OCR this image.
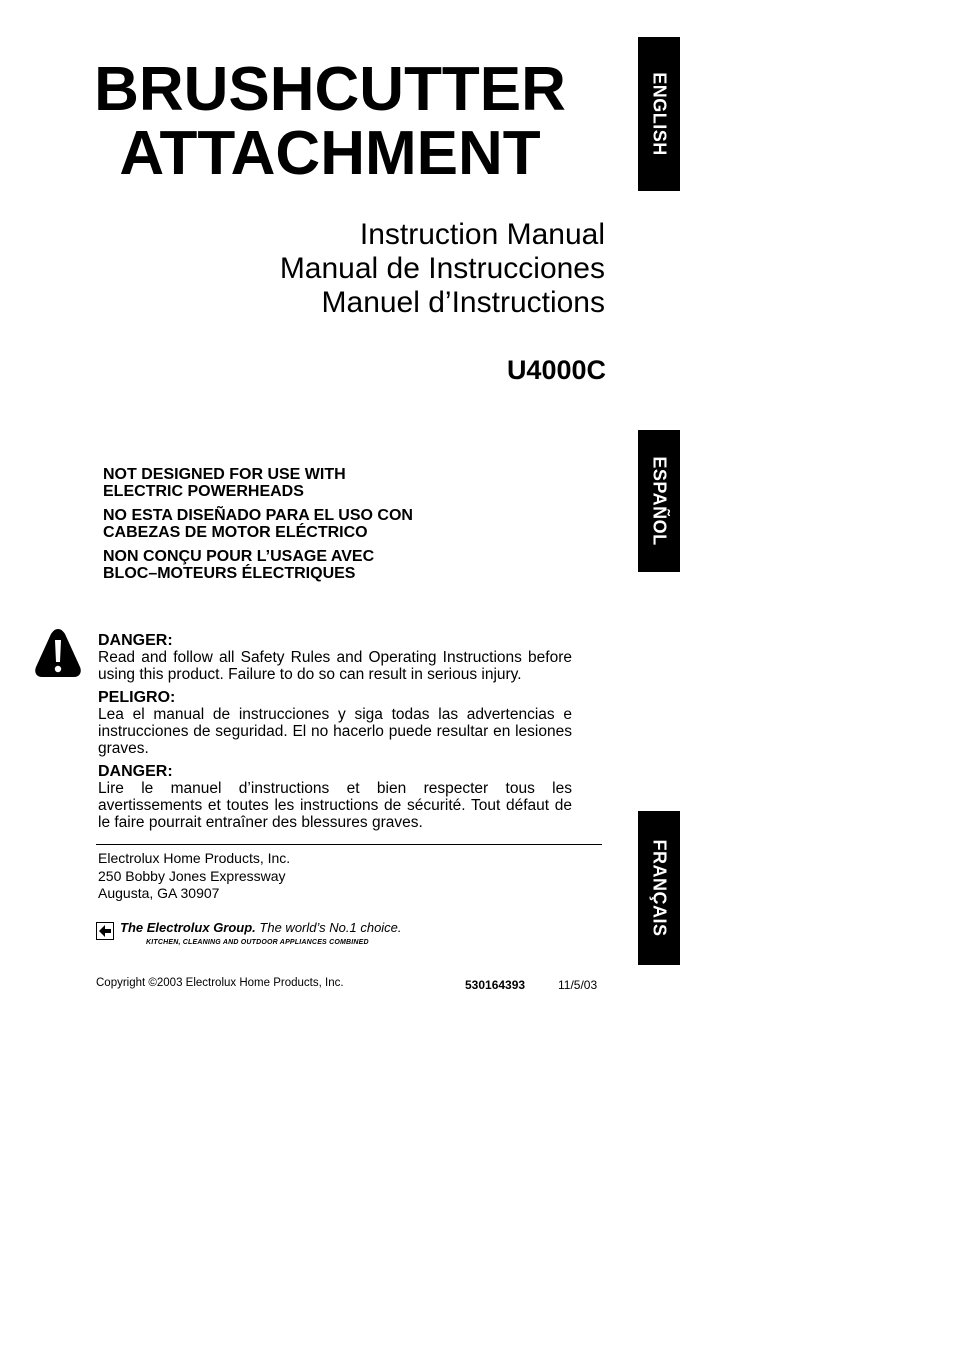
BRUSHCUTTER
ATTACHMENT
Instruction Manual
Manual de Instrucciones
Manuel d’Instructions
U4000C
ENGLISH
ESPAÑOL
FRANÇAIS
NOT DESIGNED FOR USE WITH
ELECTRIC POWERHEADS
NO ESTA DISEÑADO PARA EL USO CON
CABEZAS DE MOTOR ELÉCTRICO
NON CONÇU POUR L’USAGE AVEC
BLOC–MOTEURS ÉLECTRIQUES
DANGER:
Read and follow all Safety Rules and Operating Instructions before using this product. Failure to do so can result in serious injury.
PELIGRO:
Lea el manual de instrucciones y siga todas las advertencias e instrucciones de seguridad. El no hacerlo puede resultar en lesiones graves.
DANGER:
Lire le manuel d’instructions et bien respecter tous les avertissements et toutes les instructions de sécurité. Tout défaut de le faire pourrait entraîner des blessures graves.
Electrolux Home Products, Inc.
250 Bobby Jones Expressway
Augusta, GA 30907
The Electrolux Group. The world’s No.1 choice.
KITCHEN, CLEANING AND OUTDOOR APPLIANCES COMBINED
Copyright ©2003 Electrolux Home Products, Inc.	530164393	11/5/03
